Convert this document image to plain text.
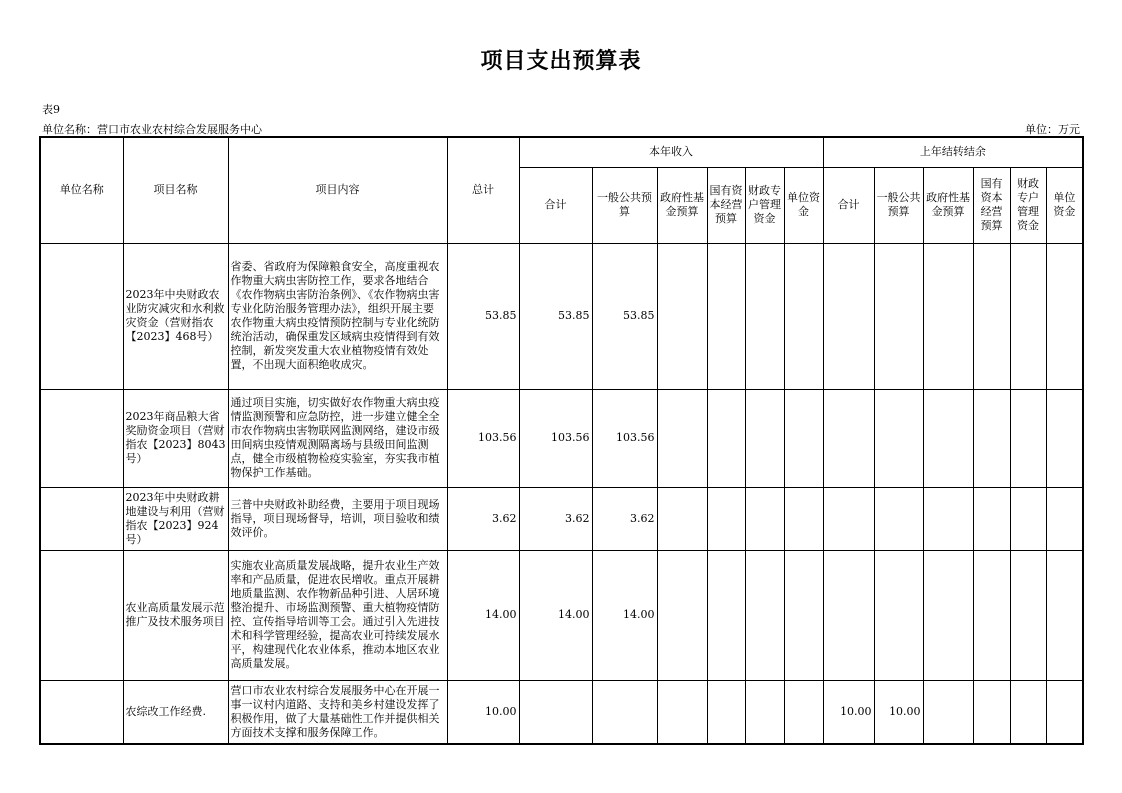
项目支出预算表
表9
单位名称：营口市农业农村综合发展服务中心	单位：万元
单位名称	项目名称	项目内容	总计	本年收入						上年结转结余					
				合计	一般公共预算	政府性基金预算	国有资本经营预算	财政专户管理资金	单位资金	合计	一般公共预算	政府性基金预算	国有资本经营预算	财政专户管理资金	单位资金
	2023年中央财政农业防灾减灾和水利救灾资金（营财指农【2023】468号）	省委、省政府为保障粮食安全，高度重视农作物重大病虫害防控工作，要求各地结合《农作物病虫害防治条例》、《农作物病虫害专业化防治服务管理办法》，组织开展主要农作物重大病虫疫情预防控制与专业化统防统治活动，确保重发区域病虫疫情得到有效控制，新发突发重大农业植物疫情有效处置，不出现大面积绝收成灾。	53.85	53.85	53.85										
	2023年商品粮大省奖励资金项目（营财指农【2023】8043号）	通过项目实施，切实做好农作物重大病虫疫情监测预警和应急防控，进一步建立健全全市农作物病虫害物联网监测网络，建设市级田间病虫疫情观测隔离场与县级田间监测点，健全市级植物检疫实验室，夯实我市植物保护工作基础。	103.56	103.56	103.56										
	2023年中央财政耕地建设与利用（营财指农【2023】924号）	三普中央财政补助经费，主要用于项目现场指导，项目现场督导，培训，项目验收和绩效评价。	3.62	3.62	3.62										
	农业高质量发展示范推广及技术服务项目	实施农业高质量发展战略，提升农业生产效率和产品质量，促进农民增收。重点开展耕地质量监测、农作物新品种引进、人居环境整治提升、市场监测预警、重大植物疫情防控、宣传指导培训等工会。通过引入先进技术和科学管理经验，提高农业可持续发展水平，构建现代化农业体系，推动本地区农业高质量发展。	14.00	14.00	14.00										
	农综改工作经费.	营口市农业农村综合发展服务中心在开展一事一议村内道路、支持和美乡村建设发挥了积极作用，做了大量基础性工作并提供相关方面技术支撑和服务保障工作。	10.00							10.00	10.00				
